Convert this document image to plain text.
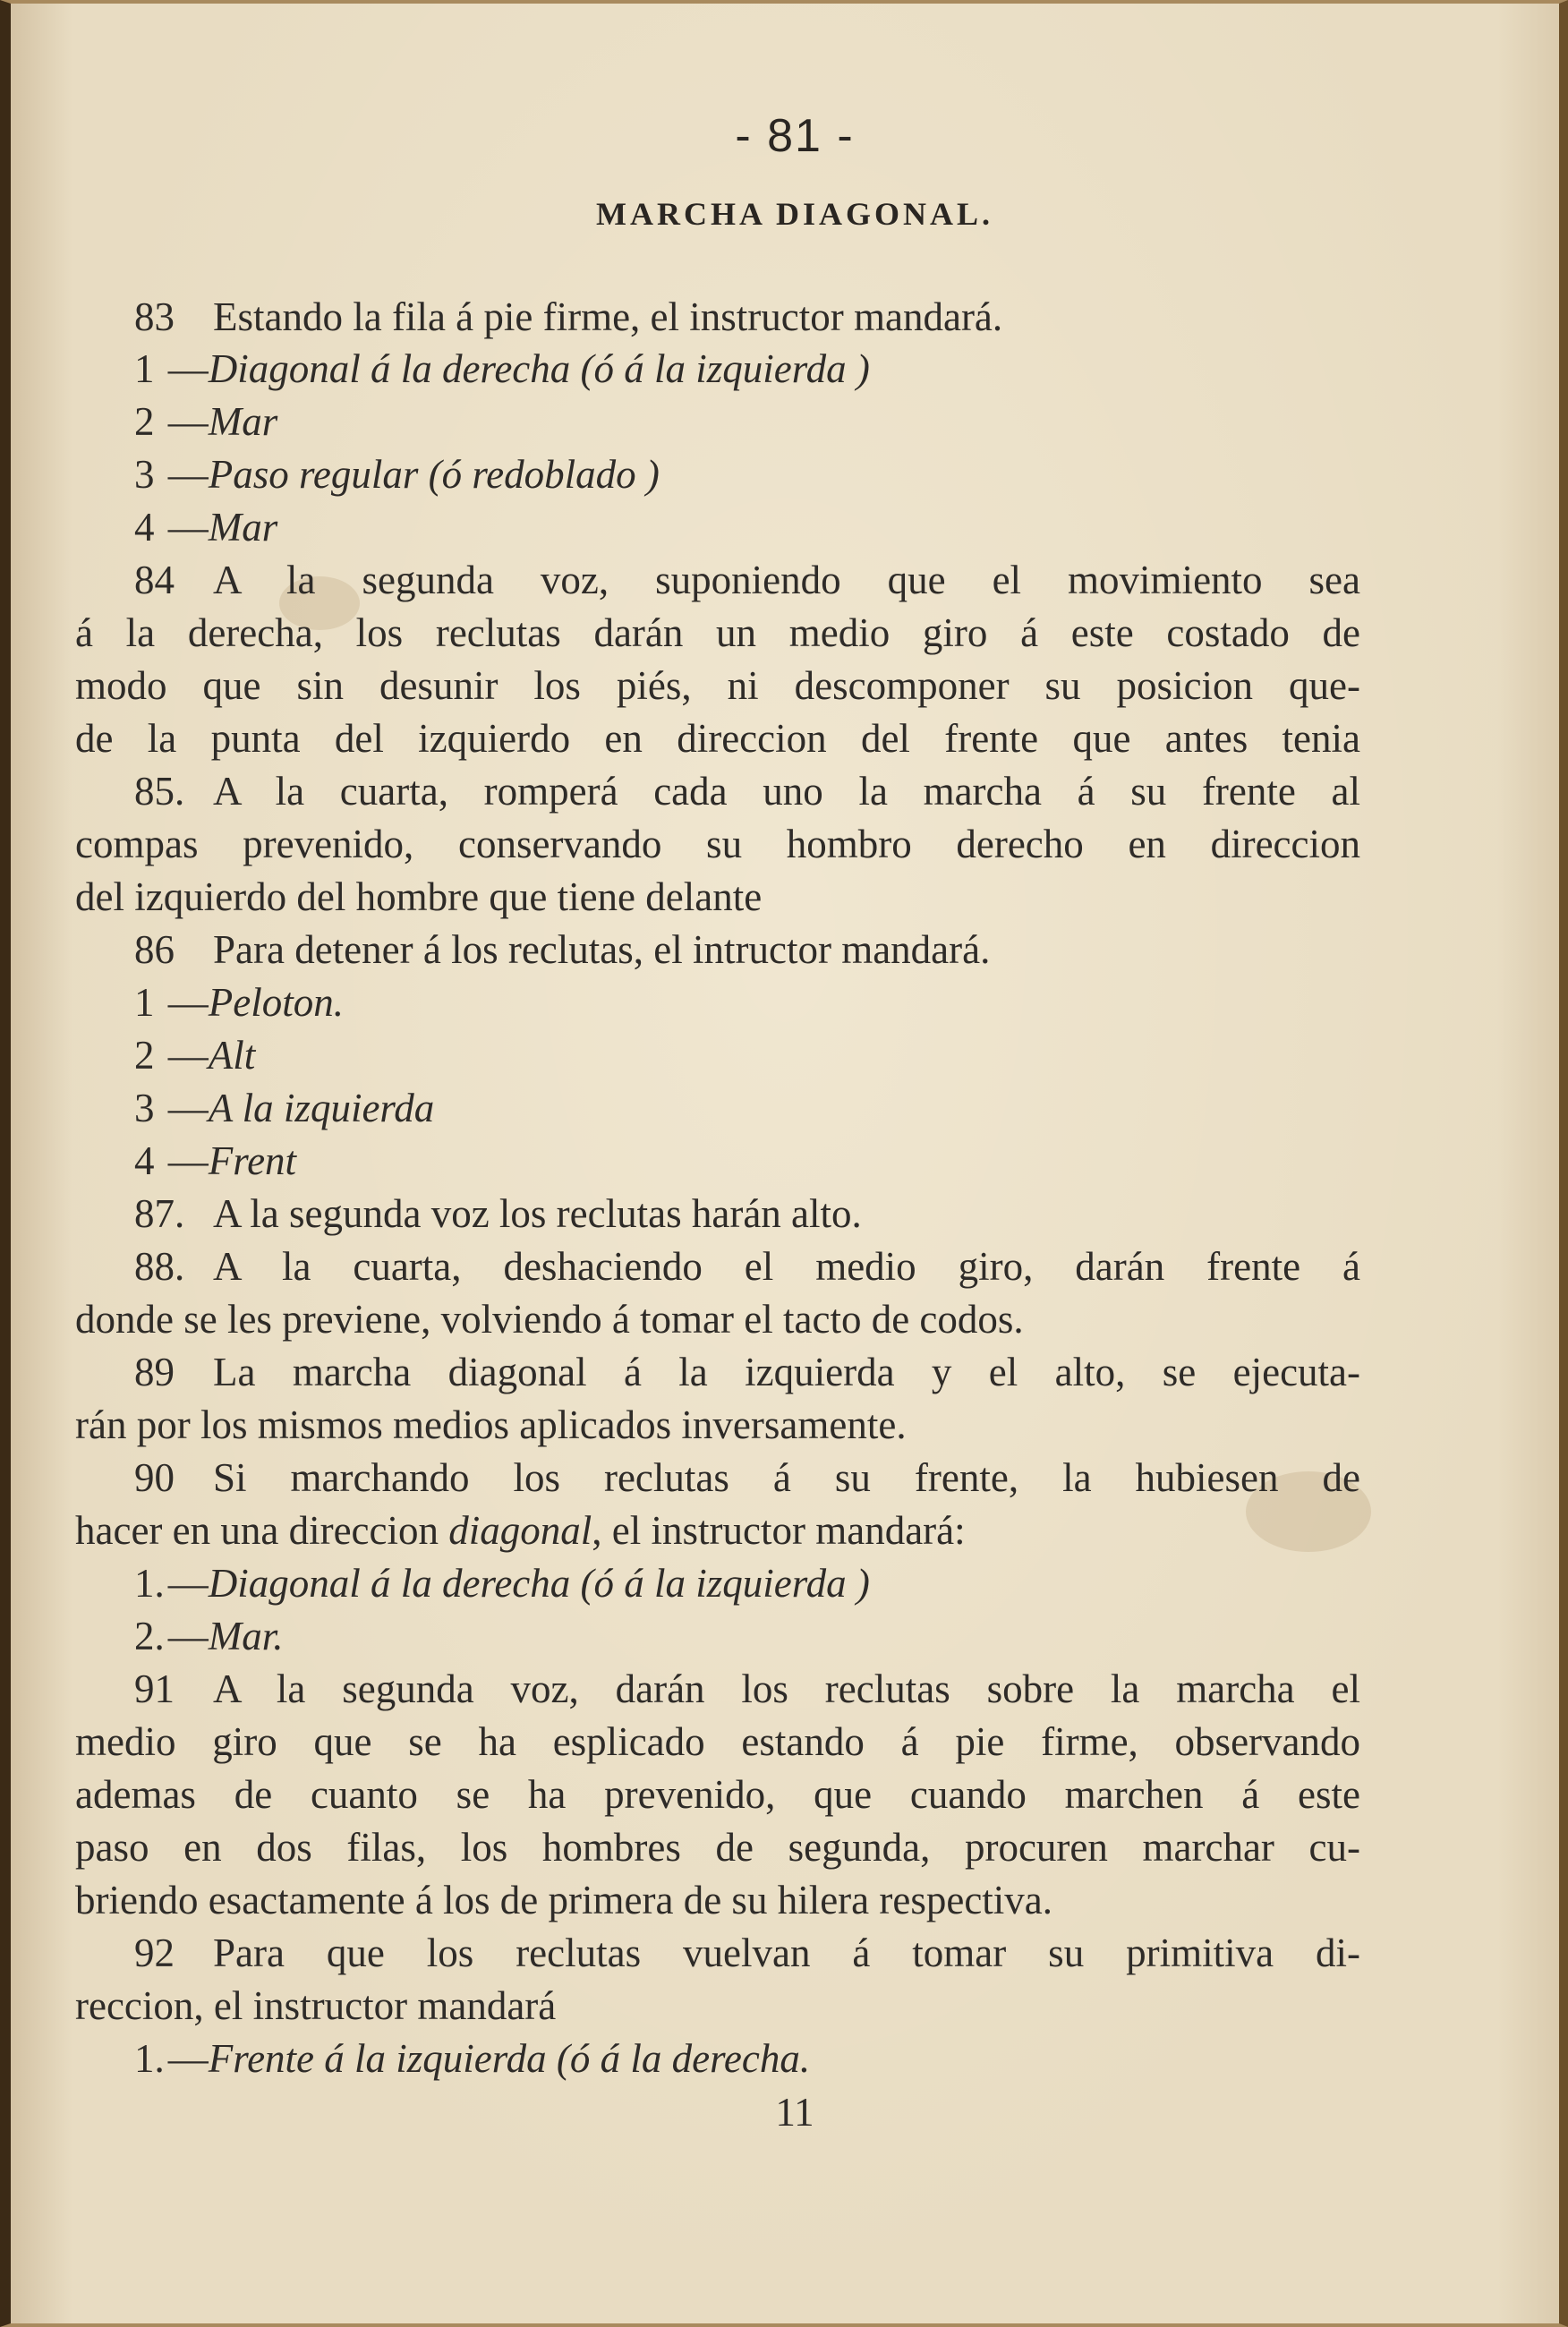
- 81 -
MARCHA DIAGONAL.
83 Estando la fila á pie firme, el instructor mandará.
1 —Diagonal á la derecha (ó á la izquierda )
2 —Mar
3 —Paso regular (ó redoblado )
4 —Mar
84 A la segunda voz, suponiendo que el movimiento sea
á la derecha, los reclutas darán un medio giro á este costado de
modo que sin desunir los piés, ni descomponer su posicion que-
de la punta del izquierdo en direccion del frente que antes tenia
85. A la cuarta, romperá cada uno la marcha á su frente al
compas prevenido, conservando su hombro derecho en direccion
del izquierdo del hombre que tiene delante
86 Para detener á los reclutas, el intructor mandará.
1 —Peloton.
2 —Alt
3 —A la izquierda
4 —Frent
87. A la segunda voz los reclutas harán alto.
88. A la cuarta, deshaciendo el medio giro, darán frente á
donde se les previene, volviendo á tomar el tacto de codos.
89 La marcha diagonal á la izquierda y el alto, se ejecuta-
rán por los mismos medios aplicados inversamente.
90 Si marchando los reclutas á su frente, la hubiesen de
hacer en una direccion diagonal, el instructor mandará:
1.—Diagonal á la derecha (ó á la izquierda )
2.—Mar.
91 A la segunda voz, darán los reclutas sobre la marcha el
medio giro que se ha esplicado estando á pie firme, observando
ademas de cuanto se ha prevenido, que cuando marchen á este
paso en dos filas, los hombres de segunda, procuren marchar cu-
briendo esactamente á los de primera de su hilera respectiva.
92 Para que los reclutas vuelvan á tomar su primitiva di-
reccion, el instructor mandará
1.—Frente á la izquierda (ó á la derecha.
11
